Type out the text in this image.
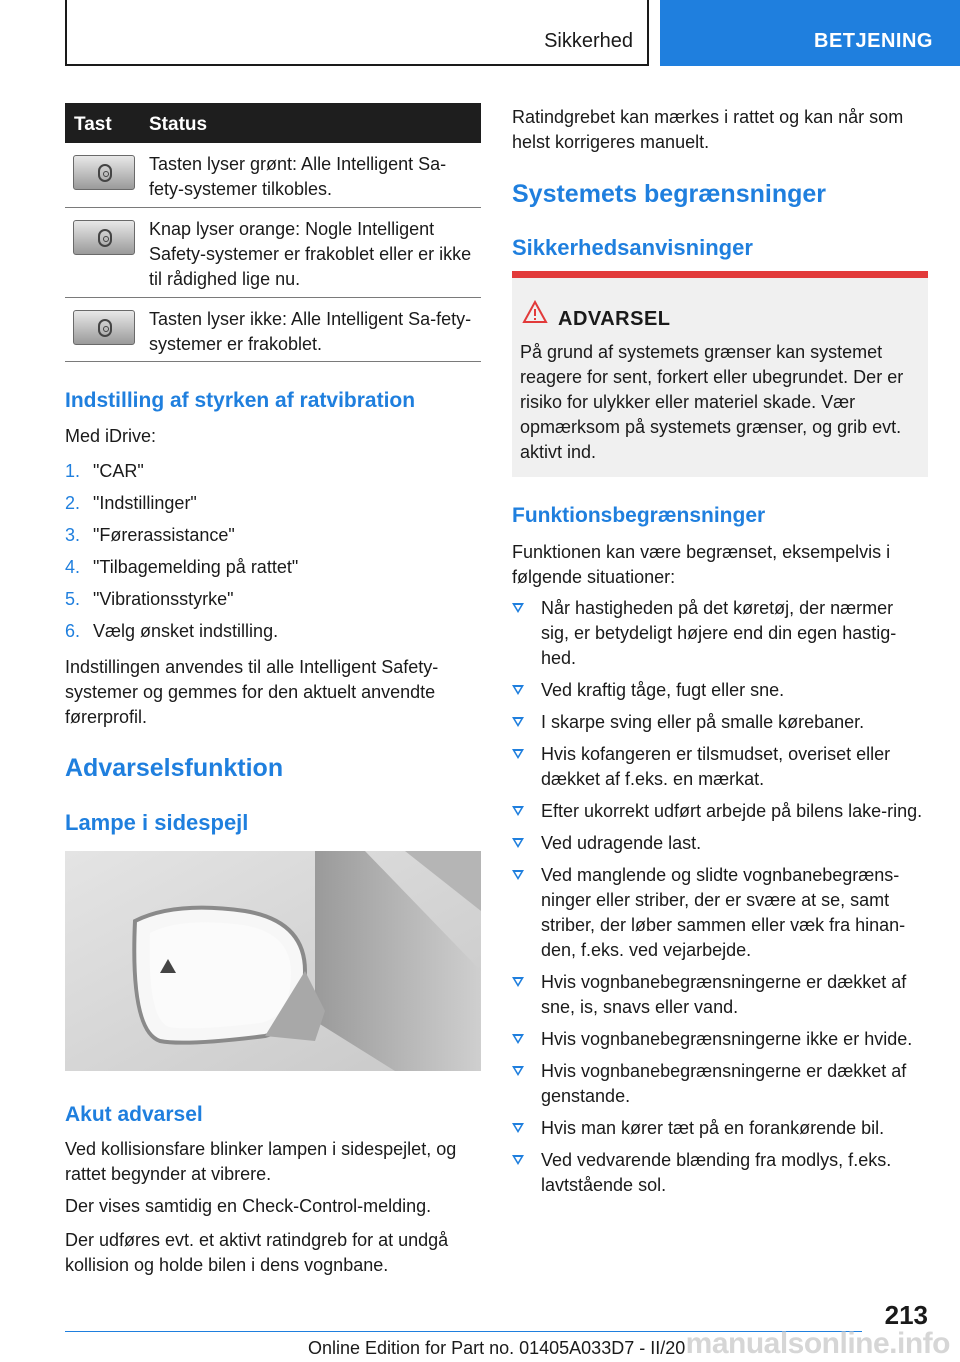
Sikkerhed	BETJENING
Tast Status
Tasten lyser grønt: Alle Intelligent Sa-fety-systemer tilkobles.
Knap lyser orange: Nogle Intelligent Safety-systemer er frakoblet eller er ikke til rådighed lige nu.
Tasten lyser ikke: Alle Intelligent Sa-fety-systemer er frakoblet.
Indstilling af styrken af ratvibration
Med iDrive:
1. "CAR"
2. "Indstillinger"
3. "Førerassistance"
4. "Tilbagemelding på rattet"
5. "Vibrationsstyrke"
6. Vælg ønsket indstilling.
Indstillingen anvendes til alle Intelligent Safety-systemer og gemmes for den aktuelt anvendte førerprofil.
Advarselsfunktion
Lampe i sidespejl
Akut advarsel
Ved kollisionsfare blinker lampen i sidespejlet, og rattet begynder at vibrere.
Der vises samtidig en Check-Control-melding.
Der udføres evt. et aktivt ratindgreb for at undgå kollision og holde bilen i dens vognbane.
Ratindgrebet kan mærkes i rattet og kan når som helst korrigeres manuelt.
Systemets begrænsninger
Sikkerhedsanvisninger
ADVARSEL
På grund af systemets grænser kan systemet reagere for sent, forkert eller ubegrundet. Der er risiko for ulykker eller materiel skade. Vær opmærksom på systemets grænser, og grib evt. aktivt ind.
Funktionsbegrænsninger
Funktionen kan være begrænset, eksempelvis i følgende situationer:
Når hastigheden på det køretøj, der nærmer sig, er betydeligt højere end din egen hastig-hed.
Ved kraftig tåge, fugt eller sne.
I skarpe sving eller på smalle kørebaner.
Hvis kofangeren er tilsmudset, overiset eller dækket af f.eks. en mærkat.
Efter ukorrekt udført arbejde på bilens lake-ring.
Ved udragende last.
Ved manglende og slidte vognbanebegræns-ninger eller striber, der er svære at se, samt striber, der løber sammen eller væk fra hinan-den, f.eks. ved vejarbejde.
Hvis vognbanebegrænsningerne er dækket af sne, is, snavs eller vand.
Hvis vognbanebegrænsningerne ikke er hvide.
Hvis vognbanebegrænsningerne er dækket af genstande.
Hvis man kører tæt på en forankørende bil.
Ved vedvarende blænding fra modlys, f.eks. lavtstående sol.
213
manualsonline.info
Online Edition for Part no. 01405A033D7 - II/20
